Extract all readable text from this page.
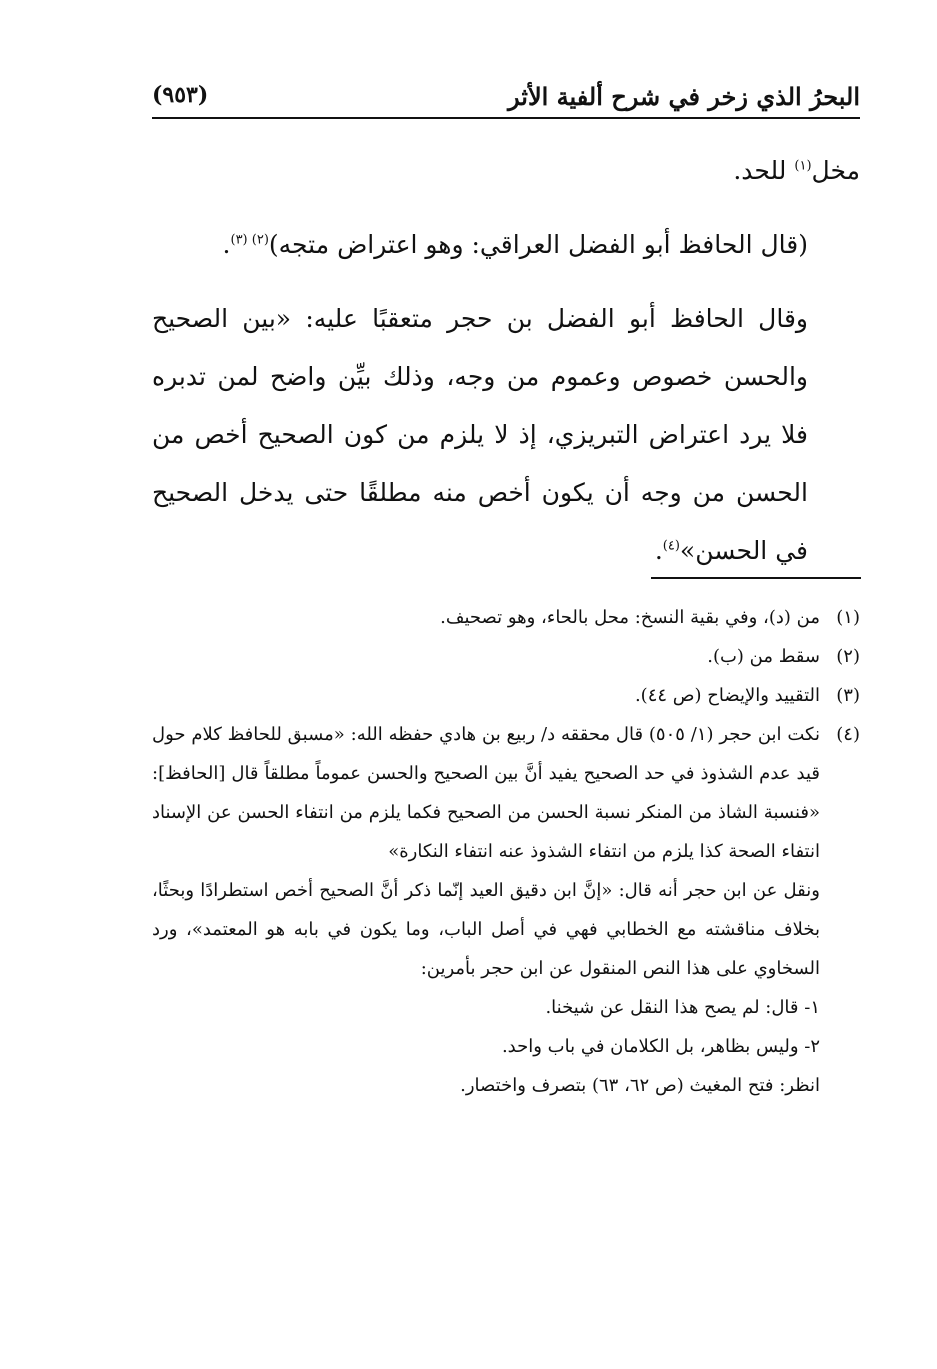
البحرُ الذي زخر في شرح ألفية الأثر
(٩٥٣)

مخل$^{(١)}$ للحد.

(قال الحافظ أبو الفضل العراقي: وهو اعتراض متجه)$^{(٢) (٣)}$.

وقال الحافظ أبو الفضل بن حجر متعقبًا عليه: «بين الصحيح والحسن خصوص وعموم من وجه، وذلك بيِّن واضح لمن تدبره فلا يرد اعتراض التبريزي، إذ لا يلزم من كون الصحيح أخص من الحسن من وجه أن يكون أخص منه مطلقًا حتى يدخل الصحيح في الحسن»$^{(٤)}$.

(١)
من (د)، وفي بقية النسخ: محل بالحاء، وهو تصحيف.

(٢)
سقط من (ب).

(٣)
التقييد والإيضاح (ص ٤٤).

(٤)
نكت ابن حجر (١/ ٥٠٥) قال محققه د/ ربيع بن هادي حفظه الله: «مسبق للحافظ كلام حول قيد عدم الشذوذ في حد الصحيح يفيد أنَّ بين الصحيح والحسن عموماً مطلقاً قال [الحافظ]: «فنسبة الشاذ من المنكر نسبة الحسن من الصحيح فكما يلزم من انتفاء الحسن عن الإسناد انتفاء الصحة كذا يلزم من انتفاء الشذوذ عنه انتفاء النكارة»

ونقل عن ابن حجر أنه قال: «إنَّ ابن دقيق العيد إنّما ذكر أنَّ الصحيح أخص استطرادًا وبحثًا، بخلاف مناقشته مع الخطابي فهي في أصل الباب، وما يكون في بابه هو المعتمد»، ورد السخاوي على هذا النص المنقول عن ابن حجر بأمرين:

١- قال: لم يصح هذا النقل عن شيخنا.

٢- وليس بظاهر، بل الكلامان في باب واحد.

انظر: فتح المغيث (ص ٦٢، ٦٣) بتصرف واختصار.
